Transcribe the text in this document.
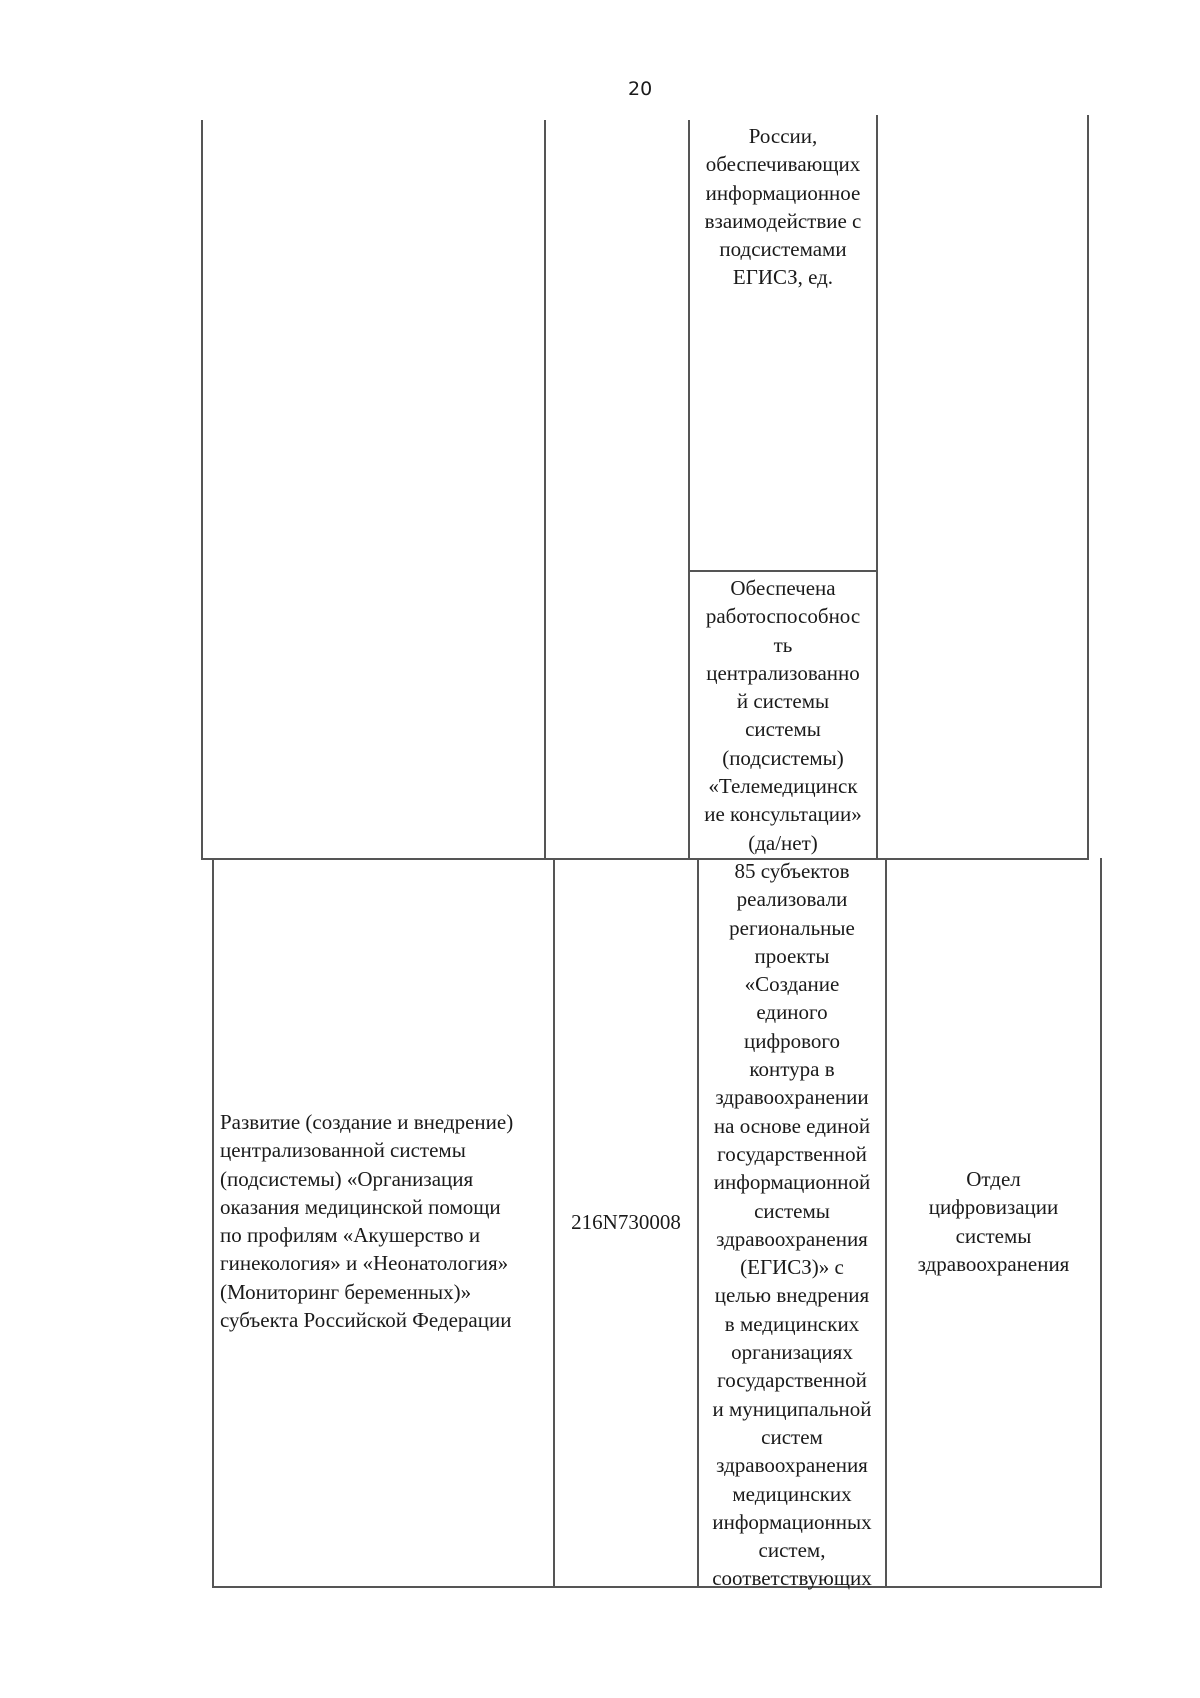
20
России,
обеспечивающих
информационное
взаимодействие с
подсистемами
ЕГИСЗ, ед.
Обеспечена
работоспособнос
ть
централизованно
й системы
системы
(подсистемы)
«Телемедицинск
ие консультации»
(да/нет)
Развитие (создание и внедрение)
централизованной системы
(подсистемы) «Организация
оказания медицинской помощи
по профилям «Акушерство и
гинекология» и «Неонатология»
(Мониторинг беременных)»
субъекта Российской Федерации
216N730008
85 субъектов
реализовали
региональные
проекты
«Создание
единого
цифрового
контура в
здравоохранении
на основе единой
государственной
информационной
системы
здравоохранения
(ЕГИСЗ)» с
целью внедрения
в медицинских
организациях
государственной
и муниципальной
систем
здравоохранения
медицинских
информационных
систем,
соответствующих
Отдел
цифровизации
системы
здравоохранения
